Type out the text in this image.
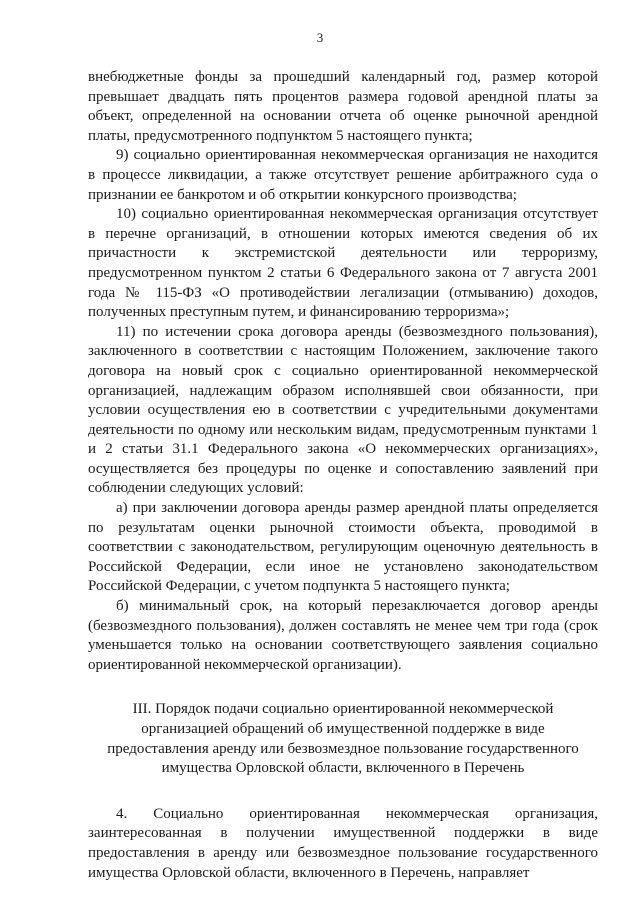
3

внебюджетные фонды за прошедший календарный год, размер которой превышает двадцать пять процентов размера годовой арендной платы за объект, определенной на основании отчета об оценке рыночной арендной платы, предусмотренного подпунктом 5 настоящего пункта;

9) социально ориентированная некоммерческая организация не находится в процессе ликвидации, а также отсутствует решение арбитражного суда о признании ее банкротом и об открытии конкурсного производства;

10) социально ориентированная некоммерческая организация отсутствует в перечне организаций, в отношении которых имеются сведения об их причастности к экстремистской деятельности или терроризму, предусмотренном пунктом 2 статьи 6 Федерального закона от 7 августа 2001 года № 115-ФЗ «О противодействии легализации (отмыванию) доходов, полученных преступным путем, и финансированию терроризма»;

11) по истечении срока договора аренды (безвозмездного пользования), заключенного в соответствии с настоящим Положением, заключение такого договора на новый срок с социально ориентированной некоммерческой организацией, надлежащим образом исполнявшей свои обязанности, при условии осуществления ею в соответствии с учредительными документами деятельности по одному или нескольким видам, предусмотренным пунктами 1 и 2 статьи 31.1 Федерального закона «О некоммерческих организациях», осуществляется без процедуры по оценке и сопоставлению заявлений при соблюдении следующих условий:

а) при заключении договора аренды размер арендной платы определяется по результатам оценки рыночной стоимости объекта, проводимой в соответствии с законодательством, регулирующим оценочную деятельность в Российской Федерации, если иное не установлено законодательством Российской Федерации, с учетом подпункта 5 настоящего пункта;

б) минимальный срок, на который перезаключается договор аренды (безвозмездного пользования), должен составлять не менее чем три года (срок уменьшается только на основании соответствующего заявления социально ориентированной некоммерческой организации).

III. Порядок подачи социально ориентированной некоммерческой
организацией обращений об имущественной поддержке в виде
предоставления аренду или безвозмездное пользование государственного
имущества Орловской области, включенного в Перечень

4. Социально ориентированная некоммерческая организация, заинтересованная в получении имущественной поддержки в виде предоставления в аренду или безвозмездное пользование государственного имущества Орловской области, включенного в Перечень, направляет
